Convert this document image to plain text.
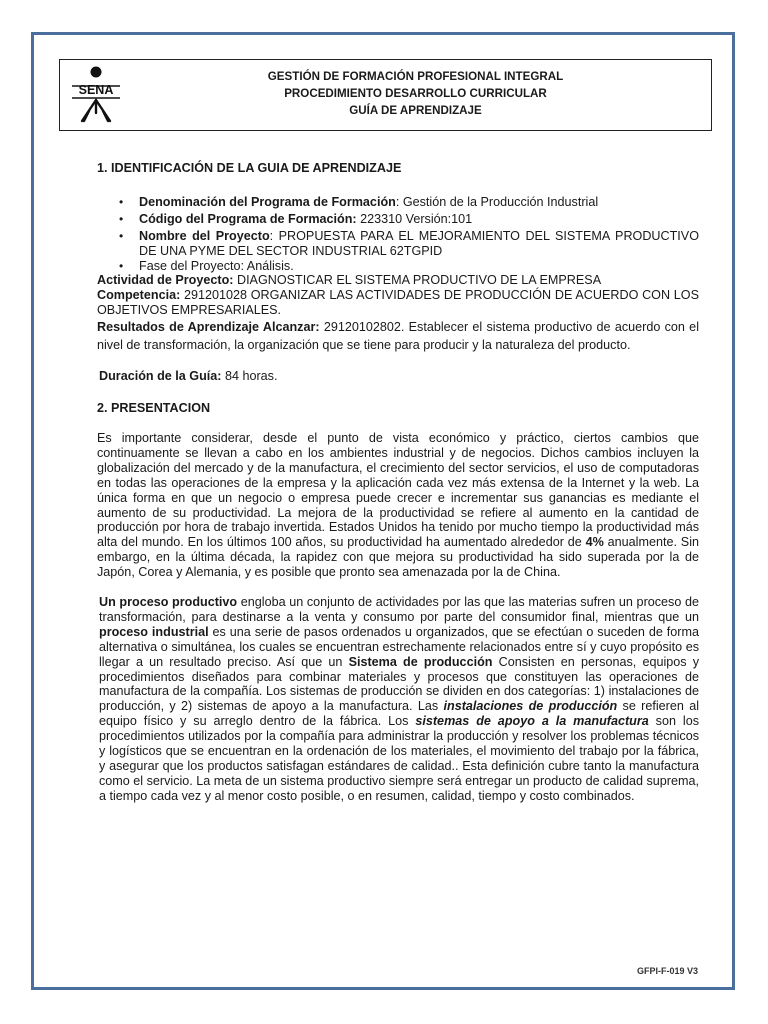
SENA
GESTIÓN DE FORMACIÓN PROFESIONAL INTEGRAL
PROCEDIMIENTO DESARROLLO CURRICULAR
GUÍA DE APRENDIZAJE

1. IDENTIFICACIÓN DE LA GUIA DE APRENDIZAJE

• Denominación del Programa de Formación: Gestión de la Producción Industrial
• Código del Programa de Formación: 223310 Versión:101
• Nombre del Proyecto: PROPUESTA PARA EL MEJORAMIENTO DEL SISTEMA PRODUCTIVO DE UNA PYME DEL SECTOR INDUSTRIAL 62TGPID
• Fase del Proyecto: Análisis.

Actividad de Proyecto: DIAGNOSTICAR EL SISTEMA PRODUCTIVO DE LA EMPRESA

Competencia: 291201028 ORGANIZAR LAS ACTIVIDADES DE PRODUCCIÓN DE ACUERDO CON LOS OBJETIVOS EMPRESARIALES.

Resultados de Aprendizaje Alcanzar: 29120102802. Establecer el sistema productivo de acuerdo con el nivel de transformación, la organización que se tiene para producir y la naturaleza del producto.

Duración de la Guía: 84 horas.

2. PRESENTACION

Es importante considerar, desde el punto de vista económico y práctico, ciertos cambios que continuamente se llevan a cabo en los ambientes industrial y de negocios. Dichos cambios incluyen la globalización del mercado y de la manufactura, el crecimiento del sector servicios, el uso de computadoras en todas las operaciones de la empresa y la aplicación cada vez más extensa de la Internet y la web. La única forma en que un negocio o empresa puede crecer e incrementar sus ganancias es mediante el aumento de su productividad. La mejora de la productividad se refiere al aumento en la cantidad de producción por hora de trabajo invertida. Estados Unidos ha tenido por mucho tiempo la productividad más alta del mundo. En los últimos 100 años, su productividad ha aumentado alrededor de 4% anualmente. Sin embargo, en la última década, la rapidez con que mejora su productividad ha sido superada por la de Japón, Corea y Alemania, y es posible que pronto sea amenazada por la de China.

Un proceso productivo engloba un conjunto de actividades por las que las materias sufren un proceso de transformación, para destinarse a la venta y consumo por parte del consumidor final, mientras que un proceso industrial es una serie de pasos ordenados u organizados, que se efectúan o suceden de forma alternativa o simultánea, los cuales se encuentran estrechamente relacionados entre sí y cuyo propósito es llegar a un resultado preciso. Así que un Sistema de producción Consisten en personas, equipos y procedimientos diseñados para combinar materiales y procesos que constituyen las operaciones de manufactura de la compañía. Los sistemas de producción se dividen en dos categorías: 1) instalaciones de producción, y 2) sistemas de apoyo a la manufactura. Las instalaciones de producción se refieren al equipo físico y su arreglo dentro de la fábrica. Los sistemas de apoyo a la manufactura son los procedimientos utilizados por la compañía para administrar la producción y resolver los problemas técnicos y logísticos que se encuentran en la ordenación de los materiales, el movimiento del trabajo por la fábrica, y asegurar que los productos satisfagan estándares de calidad.. Esta definición cubre tanto la manufactura como el servicio. La meta de un sistema productivo siempre será entregar un producto de calidad suprema, a tiempo cada vez y al menor costo posible, o en resumen, calidad, tiempo y costo combinados.

GFPI-F-019 V3
